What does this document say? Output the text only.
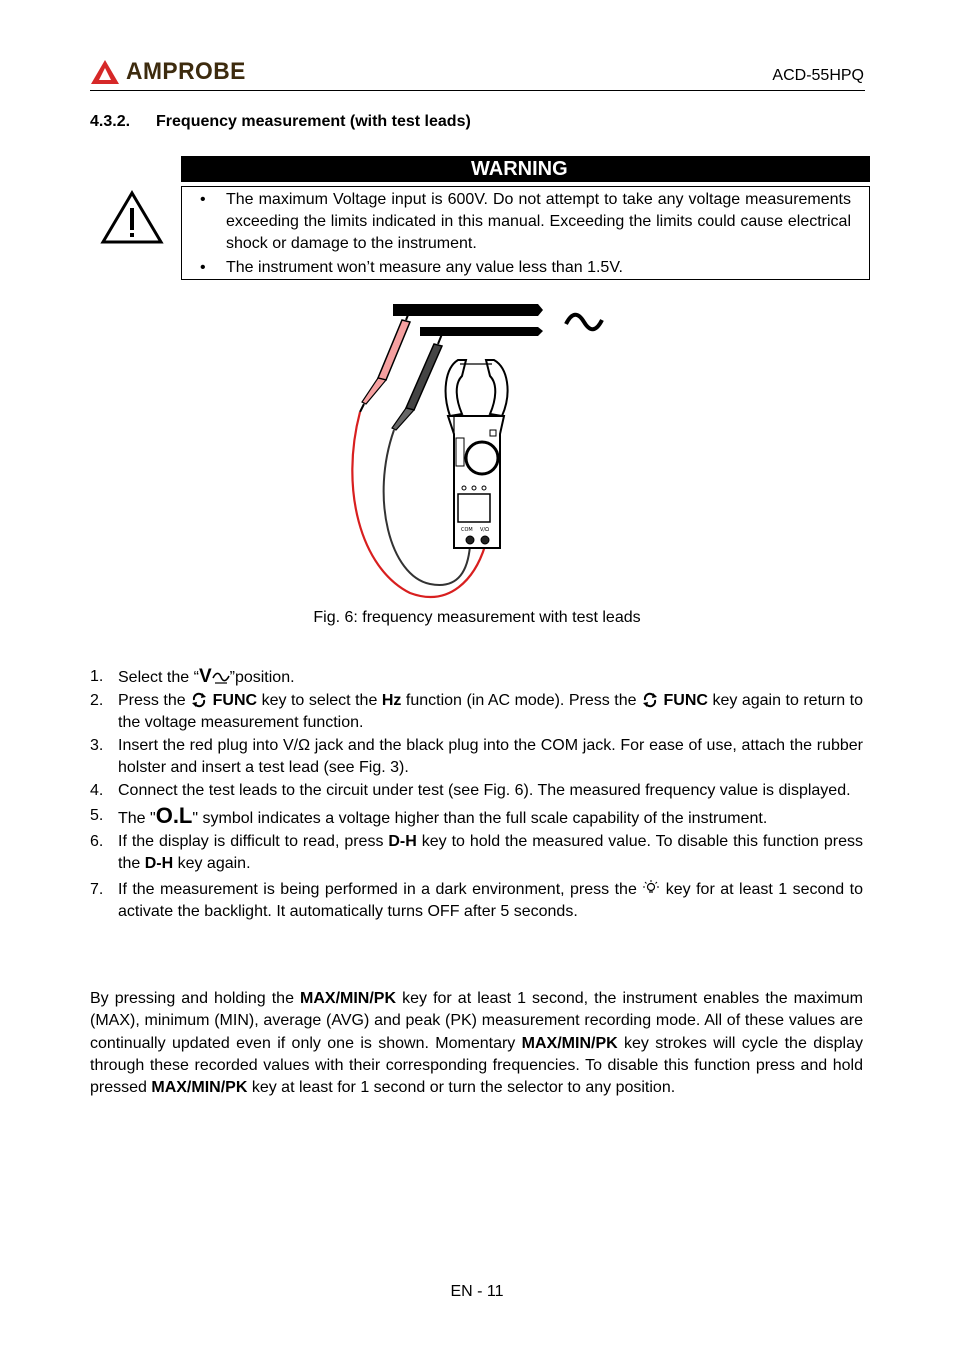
AMPROBE	ACD-55HPQ
4.3.2. Frequency measurement (with test leads)
WARNING
• The maximum Voltage input is 600V. Do not attempt to take any voltage measurements exceeding the limits indicated in this manual. Exceeding the limits could cause electrical shock or damage to the instrument.
• The instrument won’t measure any value less than 1.5V.
COM V/Ω
Fig. 6: frequency measurement with test leads
1. Select the “V ”position.
2. Press the  FUNC key to select the Hz function (in AC mode). Press the  FUNC key again to return to the voltage measurement function.
3. Insert the red plug into V/Ω jack and the black plug into the COM jack. For ease of use, attach the rubber holster and insert a test lead (see Fig. 3).
4. Connect the test leads to the circuit under test (see Fig. 6). The measured frequency value is displayed.
5. The "O.L" symbol indicates a voltage higher than the full scale capability of the instrument.
6. If the display is difficult to read, press D-H key to hold the measured value. To disable this function press the D-H key again.
7. If the measurement is being performed in a dark environment, press the  key for at least 1 second to activate the backlight. It automatically turns OFF after 5 seconds.
By pressing and holding the MAX/MIN/PK key for at least 1 second, the instrument enables the maximum (MAX), minimum (MIN), average (AVG) and peak (PK) measurement recording mode. All of these values are continually updated even if only one is shown. Momentary MAX/MIN/PK key strokes will cycle the display through these recorded values with their corresponding frequencies. To disable this function press and hold pressed MAX/MIN/PK key at least for 1 second or turn the selector to any position.
EN - 11
